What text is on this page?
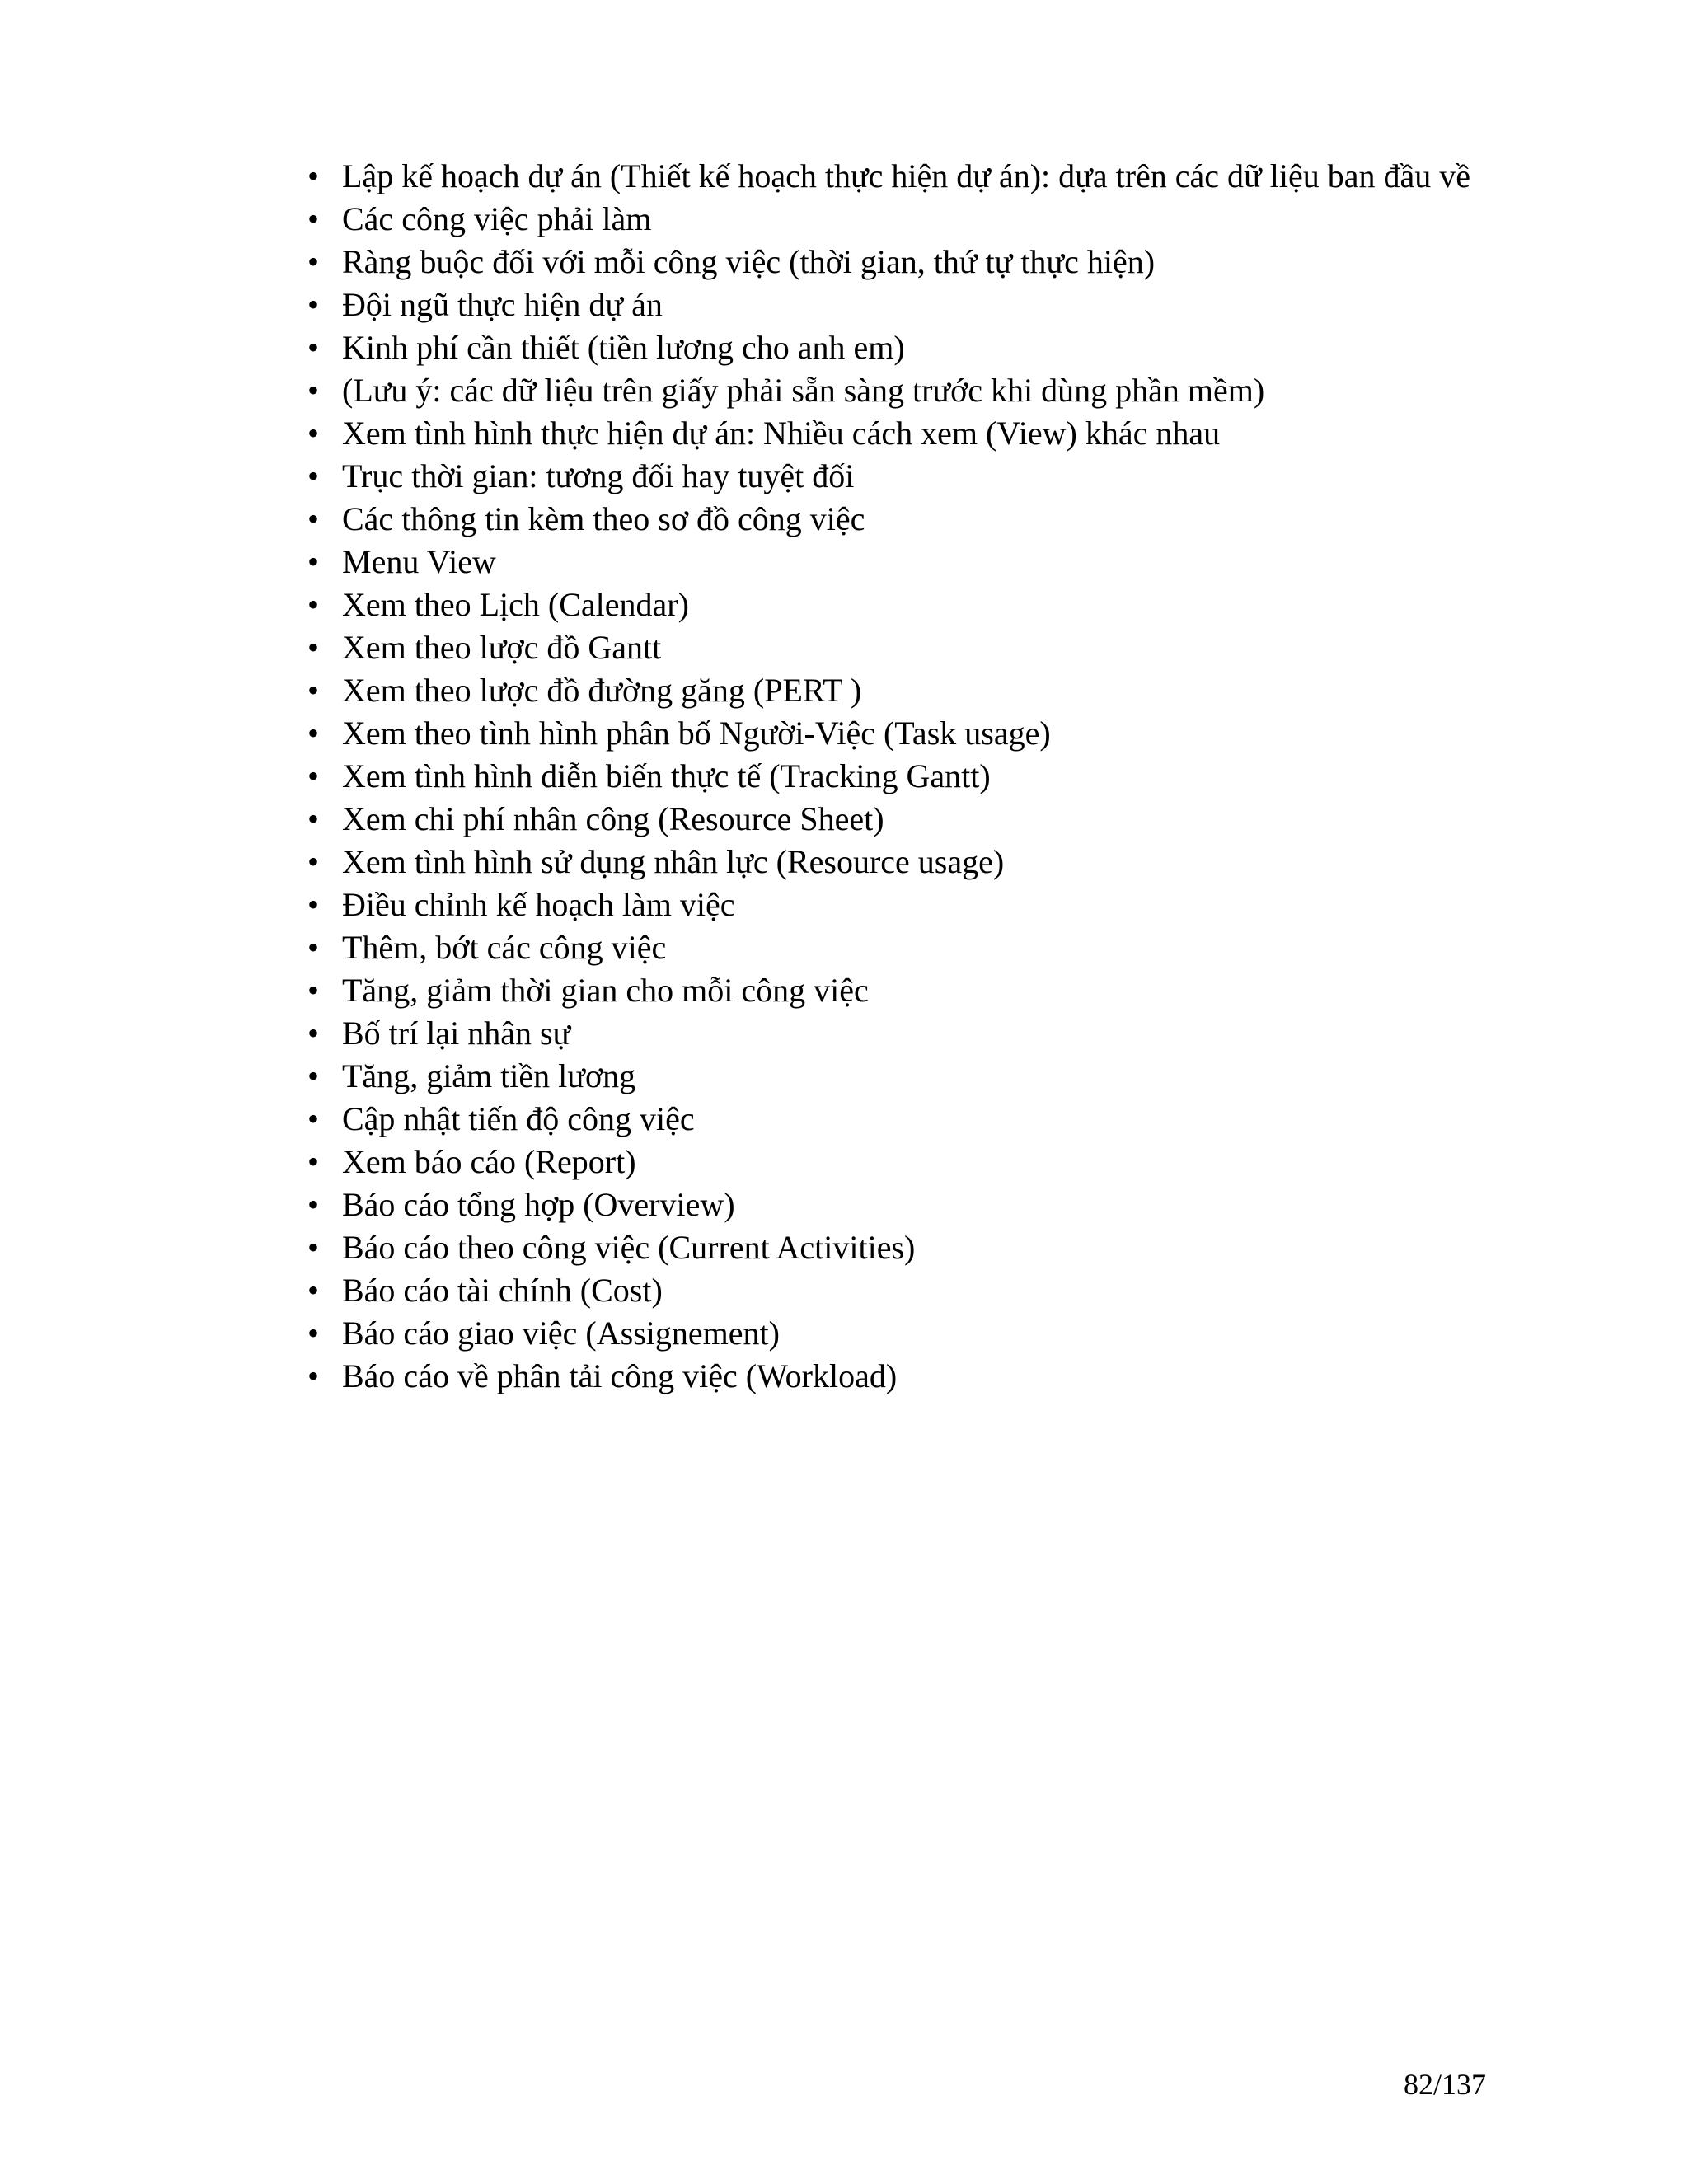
• Lập kế hoạch dự án (Thiết kế hoạch thực hiện dự án): dựa trên các dữ liệu ban đầu về
• Các công việc phải làm
• Ràng buộc đối với mỗi công việc (thời gian, thứ tự thực hiện)
• Đội ngũ thực hiện dự án
• Kinh phí cần thiết (tiền lương cho anh em)
• (Lưu ý: các dữ liệu trên giấy phải sẵn sàng trước khi dùng phần mềm)
• Xem tình hình thực hiện dự án: Nhiều cách xem (View) khác nhau
• Trục thời gian: tương đối hay tuyệt đối
• Các thông tin kèm theo sơ đồ công việc
• Menu View
• Xem theo Lịch (Calendar)
• Xem theo lược đồ Gantt
• Xem theo lược đồ đường găng (PERT )
• Xem theo tình hình phân bố Người-Việc (Task usage)
• Xem tình hình diễn biến thực tế (Tracking Gantt)
• Xem chi phí nhân công (Resource Sheet)
• Xem tình hình sử dụng nhân lực (Resource usage)
• Điều chỉnh kế hoạch làm việc
• Thêm, bớt các công việc
• Tăng, giảm thời gian cho mỗi công việc
• Bố trí lại nhân sự
• Tăng, giảm tiền lương
• Cập nhật tiến độ công việc
• Xem báo cáo (Report)
• Báo cáo tổng hợp (Overview)
• Báo cáo theo công việc (Current Activities)
• Báo cáo tài chính (Cost)
• Báo cáo giao việc (Assignement)
• Báo cáo về phân tải công việc (Workload)
82/137
